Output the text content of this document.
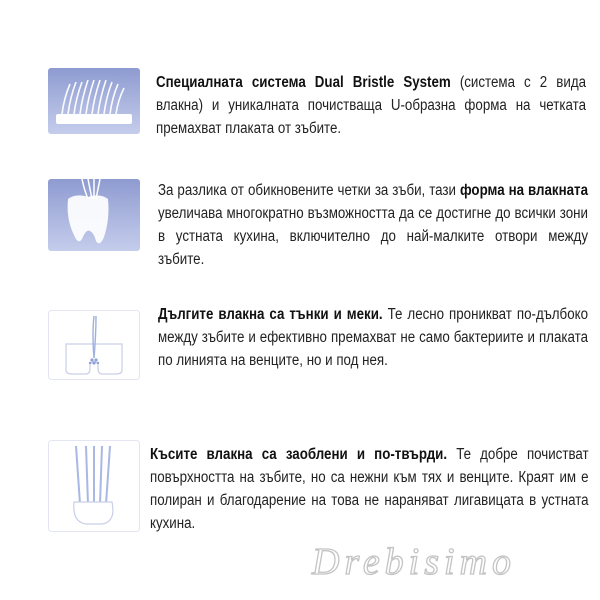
Специалната система Dual Bristle System (система с 2 вида влакна) и уникалната почистваща U-образна форма на четката премахват плаката от зъбите.

За разлика от обикновените четки за зъби, тази форма на влакната увеличава многократно възможността да се достигне до всички зони в устната кухина, включително до най-малките отвори между зъбите.

Дългите влакна са тънки и меки. Те лесно проникват по-дълбоко между зъбите и ефективно премахват не само бактериите и плаката по линията на венците, но и под нея.

Късите влакна са заоблени и по-твърди. Те добре почистват повърхността на зъбите, но са нежни към тях и венците. Краят им е полиран и благодарение на това не нараняват лигавицата в устната кухина.

Drebisimo
